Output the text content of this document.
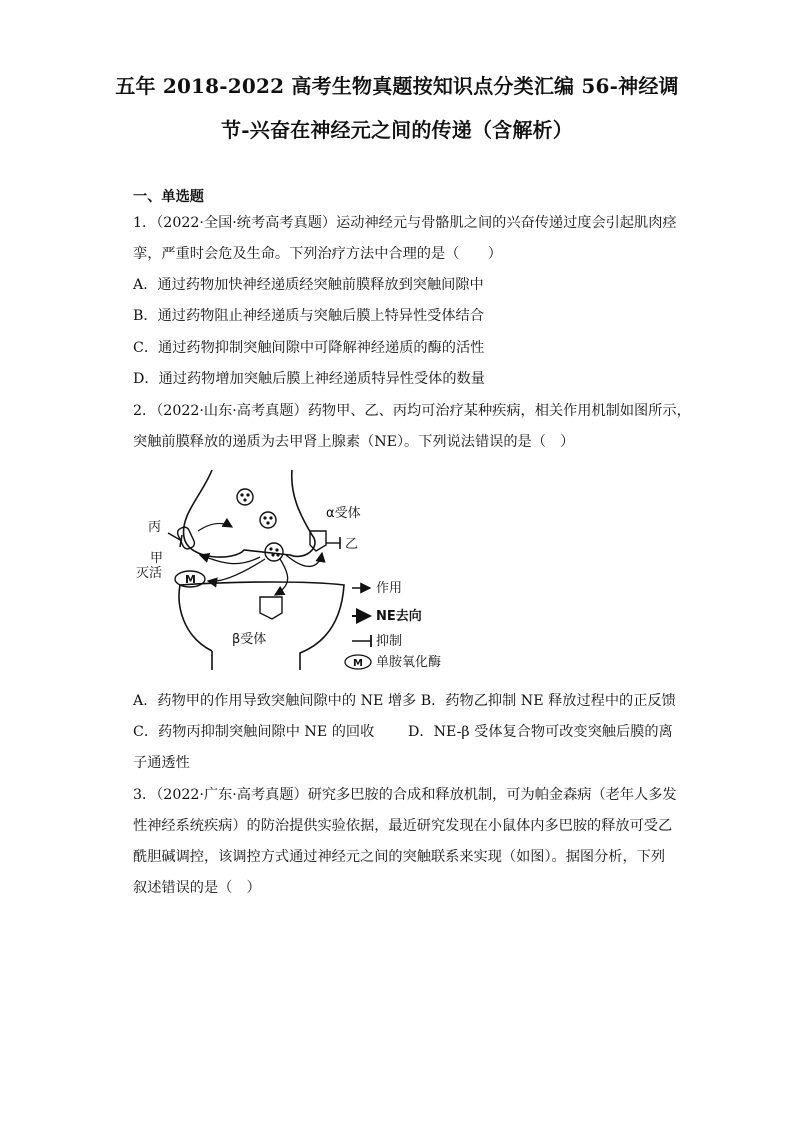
五年 2018-2022 高考生物真题按知识点分类汇编 56-神经调
节-兴奋在神经元之间的传递（含解析）
一、单选题
1．（2022·全国·统考高考真题）运动神经元与骨骼肌之间的兴奋传递过度会引起肌肉痉
挛，严重时会危及生命。下列治疗方法中合理的是（　　）
A．通过药物加快神经递质经突触前膜释放到突触间隙中
B．通过药物阻止神经递质与突触后膜上特异性受体结合
C．通过药物抑制突触间隙中可降解神经递质的酶的活性
D．通过药物增加突触后膜上神经递质特异性受体的数量
2．（2022·山东·高考真题）药物甲、乙、丙均可治疗某种疾病，相关作用机制如图所示，
突触前膜释放的递质为去甲肾上腺素（NE）。下列说法错误的是（　）
丙
α受体
乙
甲
灭活 M
β受体
作用
NE去向
抑制
M 单胺氧化酶
A．药物甲的作用导致突触间隙中的 NE 增多 B．药物乙抑制 NE 释放过程中的正反馈
C．药物丙抑制突触间隙中 NE 的回收 D．NE-β 受体复合物可改变突触后膜的离
子通透性
3．（2022·广东·高考真题）研究多巴胺的合成和释放机制，可为帕金森病（老年人多发
性神经系统疾病）的防治提供实验依据，最近研究发现在小鼠体内多巴胺的释放可受乙
酰胆碱调控，该调控方式通过神经元之间的突触联系来实现（如图）。据图分析，下列
叙述错误的是（　）
